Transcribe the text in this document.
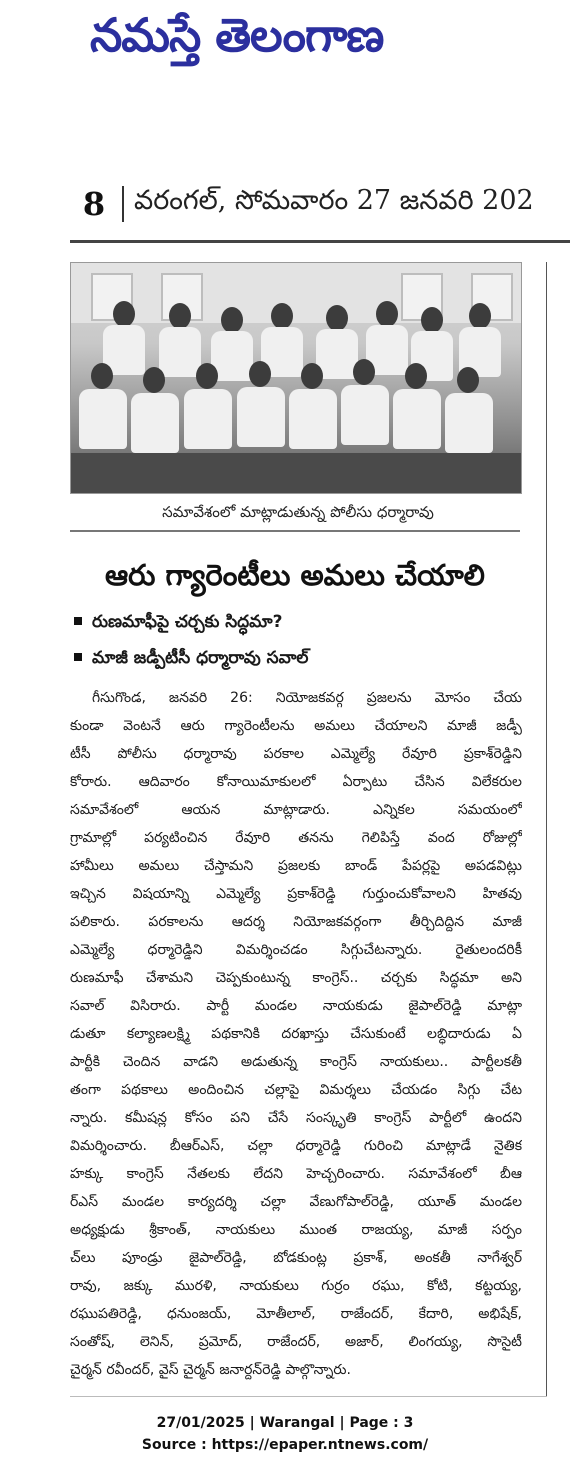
నమస్తే తెలంగాణ
8	వరంగల్, సోమవారం 27 జనవరి 202
సమావేశంలో మాట్లాడుతున్న పోలీసు ధర్మారావు
ఆరు గ్యారెంటీలు అమలు చేయాలి
రుణమాఫీపై చర్చకు సిద్ధమా?
మాజీ జడ్పీటీసీ ధర్మారావు సవాల్

గీసుగొండ, జనవరి 26: నియోజకవర్గ ప్రజలను మోసం చేయ

కుండా వెంటనే ఆరు గ్యారెంటీలను అమలు చేయాలని మాజీ జడ్పీ

టీసీ పోలీసు ధర్మారావు పరకాల ఎమ్మెల్యే రేవూరి ప్రకాశ్‌రెడ్డిని

కోరారు. ఆదివారం కోనాయిమాకులలో ఏర్పాటు చేసిన విలేకరుల

సమావేశంలో ఆయన మాట్లాడారు. ఎన్నికల సమయంలో

గ్రామాల్లో పర్యటించిన రేవూరి తనను గెలిపిస్తే వంద రోజుల్లో

హామీలు అమలు చేస్తామని ప్రజలకు బాండ్ పేపర్లపై అపడవిట్లు

ఇచ్చిన విషయాన్ని ఎమ్మెల్యే ప్రకాశ్‌రెడ్డి గుర్తుంచుకోవాలని హితవు

పలికారు. పరకాలను ఆదర్శ నియోజకవర్గంగా తీర్చిదిద్దిన మాజీ

ఎమ్మెల్యే ధర్మారెడ్డిని విమర్శించడం సిగ్గుచేటన్నారు. రైతులందరికీ

రుణమాఫీ చేశామని చెప్పకుంటున్న కాంగ్రెస్.. చర్చకు సిద్ధమా అని

సవాల్ విసిరారు. పార్టీ మండల నాయకుడు జైపాల్‌రెడ్డి మాట్లా

డుతూ కల్యాణలక్ష్మి పథకానికి దరఖాస్తు చేసుకుంటే లబ్ధిదారుడు ఏ

పార్టీకి చెందిన వాడని అడుతున్న కాంగ్రెస్ నాయకులు.. పార్టీలకతీ

తంగా పథకాలు అందించిన చల్లాపై విమర్శలు చేయడం సిగ్గు చేట

న్నారు. కమీషన్ల కోసం పని చేసే సంస్కృతి కాంగ్రెస్ పార్టీలో ఉందని

విమర్శించారు. బీఆర్‌ఎస్, చల్లా ధర్మారెడ్డి గురించి మాట్లాడే నైతిక

హక్కు కాంగ్రెస్ నేతలకు లేదని హెచ్చరించారు. సమావేశంలో బీఆ

ర్‌ఎస్ మండల కార్యదర్శి చల్లా వేణుగోపాల్‌రెడ్డి, యూత్ మండల

అధ్యక్షుడు శ్రీకాంత్, నాయకులు ముంత రాజయ్య, మాజీ సర్పం

చ్‌లు పూండ్రు జైపాల్‌రెడ్డి, బోడకుంట్ల ప్రకాశ్, అంకతీ నాగేశ్వర్

రావు, జక్కు మురళి, నాయకులు గుర్రం రఘు, కోటి, కట్టయ్య,

రఘుపతిరెడ్డి, ధనుంజయ్, మోతీలాల్, రాజేందర్, కేదారి, అభిషేక్,

సంతోష్, లెనిన్, ప్రమోద్, రాజేందర్, అజార్, లింగయ్య, సొసైటీ

చైర్మన్ రవీందర్, వైస్ చైర్మన్ జనార్దన్‌రెడ్డి పాల్గొన్నారు.

27/01/2025 | Warangal | Page : 3
Source : https://epaper.ntnews.com/
